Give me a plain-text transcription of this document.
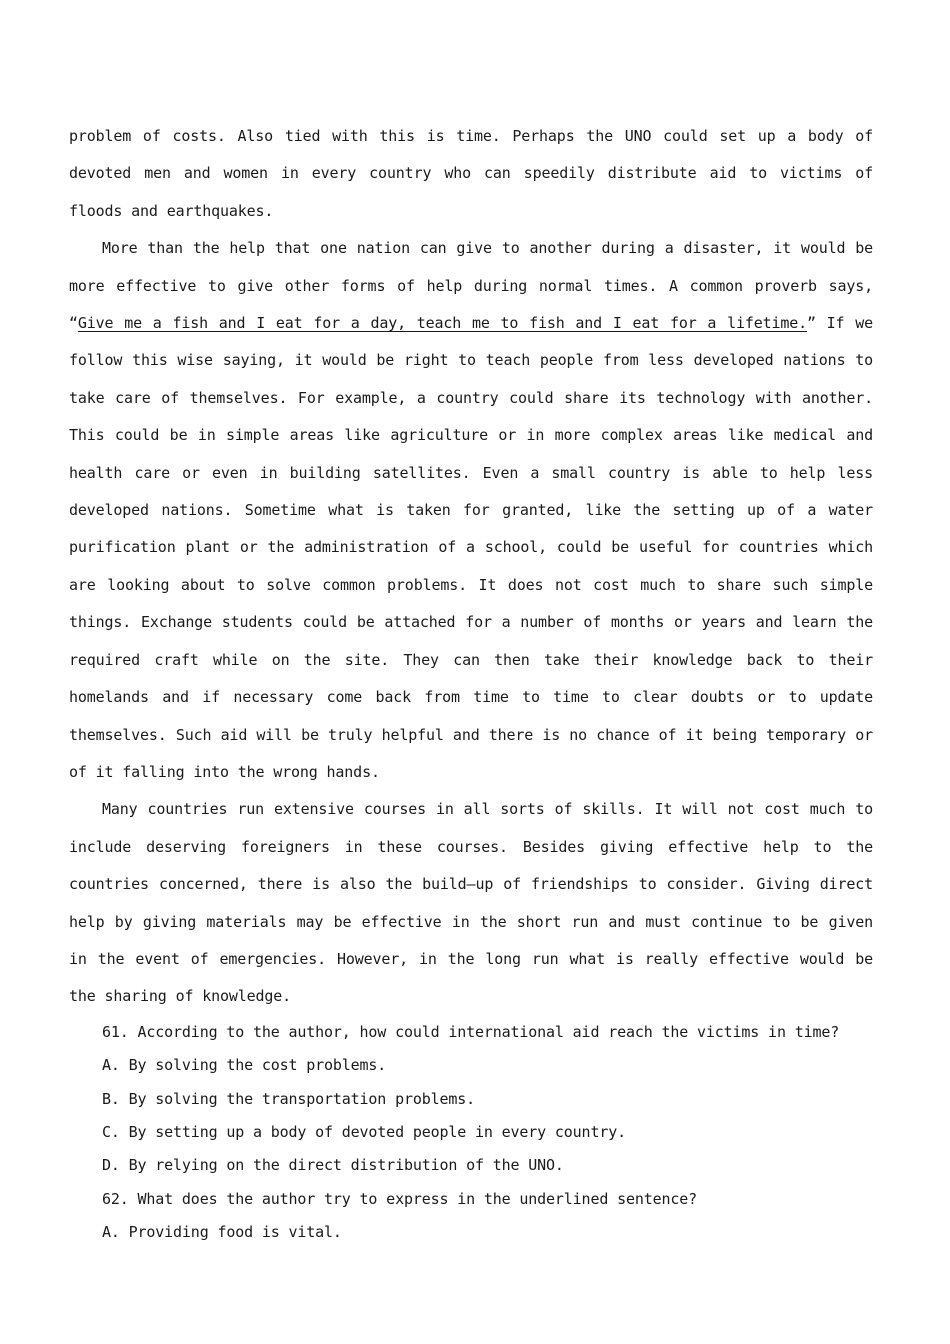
problem of costs. Also tied with this is time. Perhaps the UNO could set up a body of devoted men and women in every country who can speedily distribute aid to victims of floods and earthquakes.

More than the help that one nation can give to another during a disaster, it would be more effective to give other forms of help during normal times. A common proverb says, “Give me a fish and I eat for a day, teach me to fish and I eat for a lifetime.” If we follow this wise saying, it would be right to teach people from less developed nations to take care of themselves. For example, a country could share its technology with another. This could be in simple areas like agriculture or in more complex areas like medical and health care or even in building satellites. Even a small country is able to help less developed nations. Sometime what is taken for granted, like the setting up of a water purification plant or the administration of a school, could be useful for countries which are looking about to solve common problems. It does not cost much to share such simple things. Exchange students could be attached for a number of months or years and learn the required craft while on the site. They can then take their knowledge back to their homelands and if necessary come back from time to time to clear doubts or to update themselves. Such aid will be truly helpful and there is no chance of it being temporary or of it falling into the wrong hands.

Many countries run extensive courses in all sorts of skills. It will not cost much to include deserving foreigners in these courses. Besides giving effective help to the countries concerned, there is also the build—up of friendships to consider. Giving direct help by giving materials may be effective in the short run and must continue to be given in the event of emergencies. However, in the long run what is really effective would be the sharing of knowledge.

61. According to the author, how could international aid reach the victims in time?

A. By solving the cost problems.

B. By solving the transportation problems.

C. By setting up a body of devoted people in every country.

D. By relying on the direct distribution of the UNO.

62. What does the author try to express in the underlined sentence?

A. Providing food is vital.
